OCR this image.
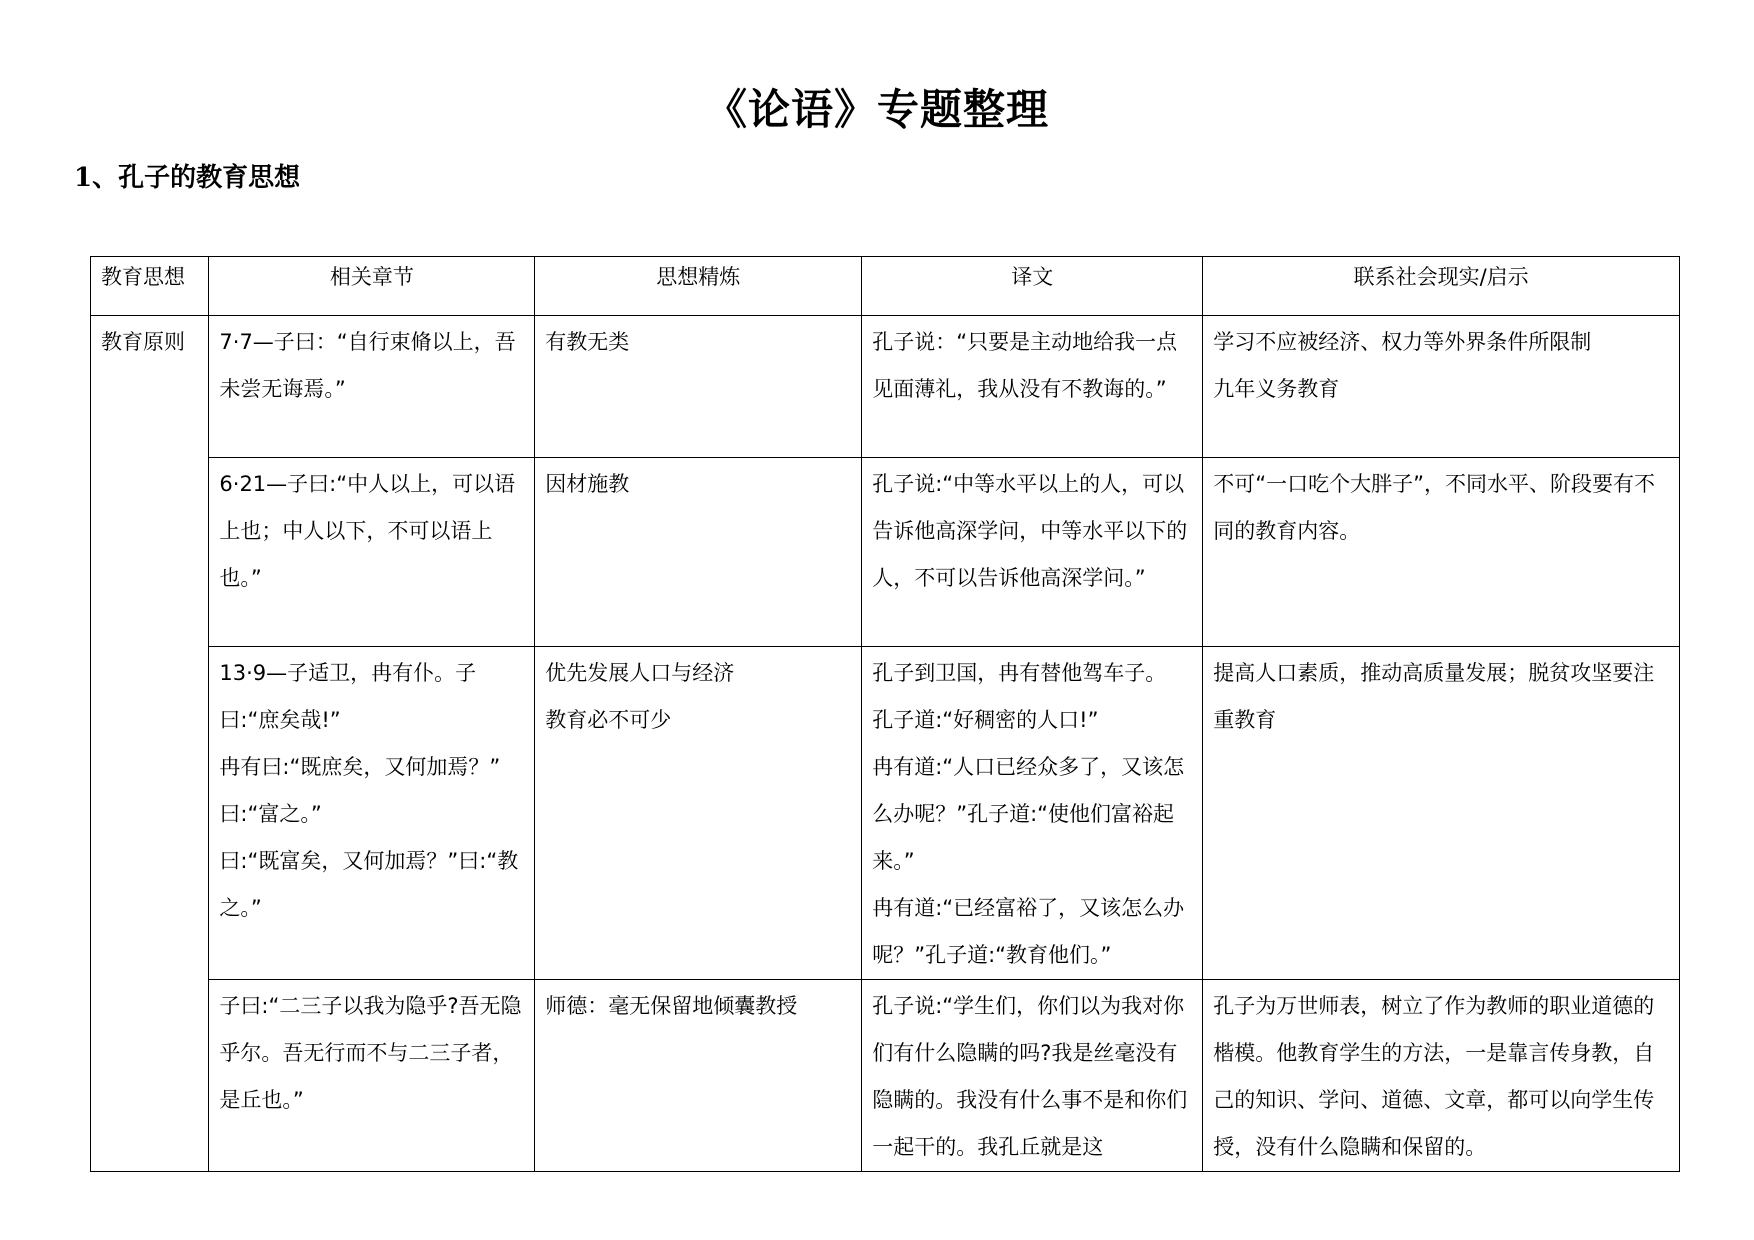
《论语》专题整理
1、孔子的教育思想
教育思想	相关章节	思想精炼	译文	联系社会现实/启示
教育原则	7·7—子曰：“自行束脩以上，吾未尝无诲焉。”	有教无类	孔子说：“只要是主动地给我一点见面薄礼，我从没有不教诲的。”	学习不应被经济、权力等外界条件所限制
九年义务教育

	6·21—子曰:“中人以上，可以语上也；中人以下，不可以语上也。”	因材施教	孔子说:“中等水平以上的人，可以告诉他高深学问，中等水平以下的人，不可以告诉他高深学问。”	不可“一口吃个大胖子”，不同水平、阶段要有不同的教育内容。

	13·9—子适卫，冉有仆。子曰:“庶矣哉!”
冉有曰:“既庶矣，又何加焉？”
曰:“富之。”
曰:“既富矣，又何加焉？”曰:“教之。”	优先发展人口与经济
教育必不可少	孔子到卫国，冉有替他驾车子。
孔子道:“好稠密的人口!”
冉有道:“人口已经众多了，又该怎么办呢？”孔子道:“使他们富裕起来。”
冉有道:“已经富裕了，又该怎么办呢？”孔子道:“教育他们。”	提高人口素质，推动高质量发展；脱贫攻坚要注重教育

	子曰:“二三子以我为隐乎?吾无隐乎尔。吾无行而不与二三子者，是丘也。”	师德：毫无保留地倾囊教授	孔子说:“学生们，你们以为我对你们有什么隐瞒的吗?我是丝毫没有隐瞒的。我没有什么事不是和你们一起干的。我孔丘就是这	孔子为万世师表，树立了作为教师的职业道德的楷模。他教育学生的方法，一是靠言传身教，自己的知识、学问、道德、文章，都可以向学生传授，没有什么隐瞒和保留的。
